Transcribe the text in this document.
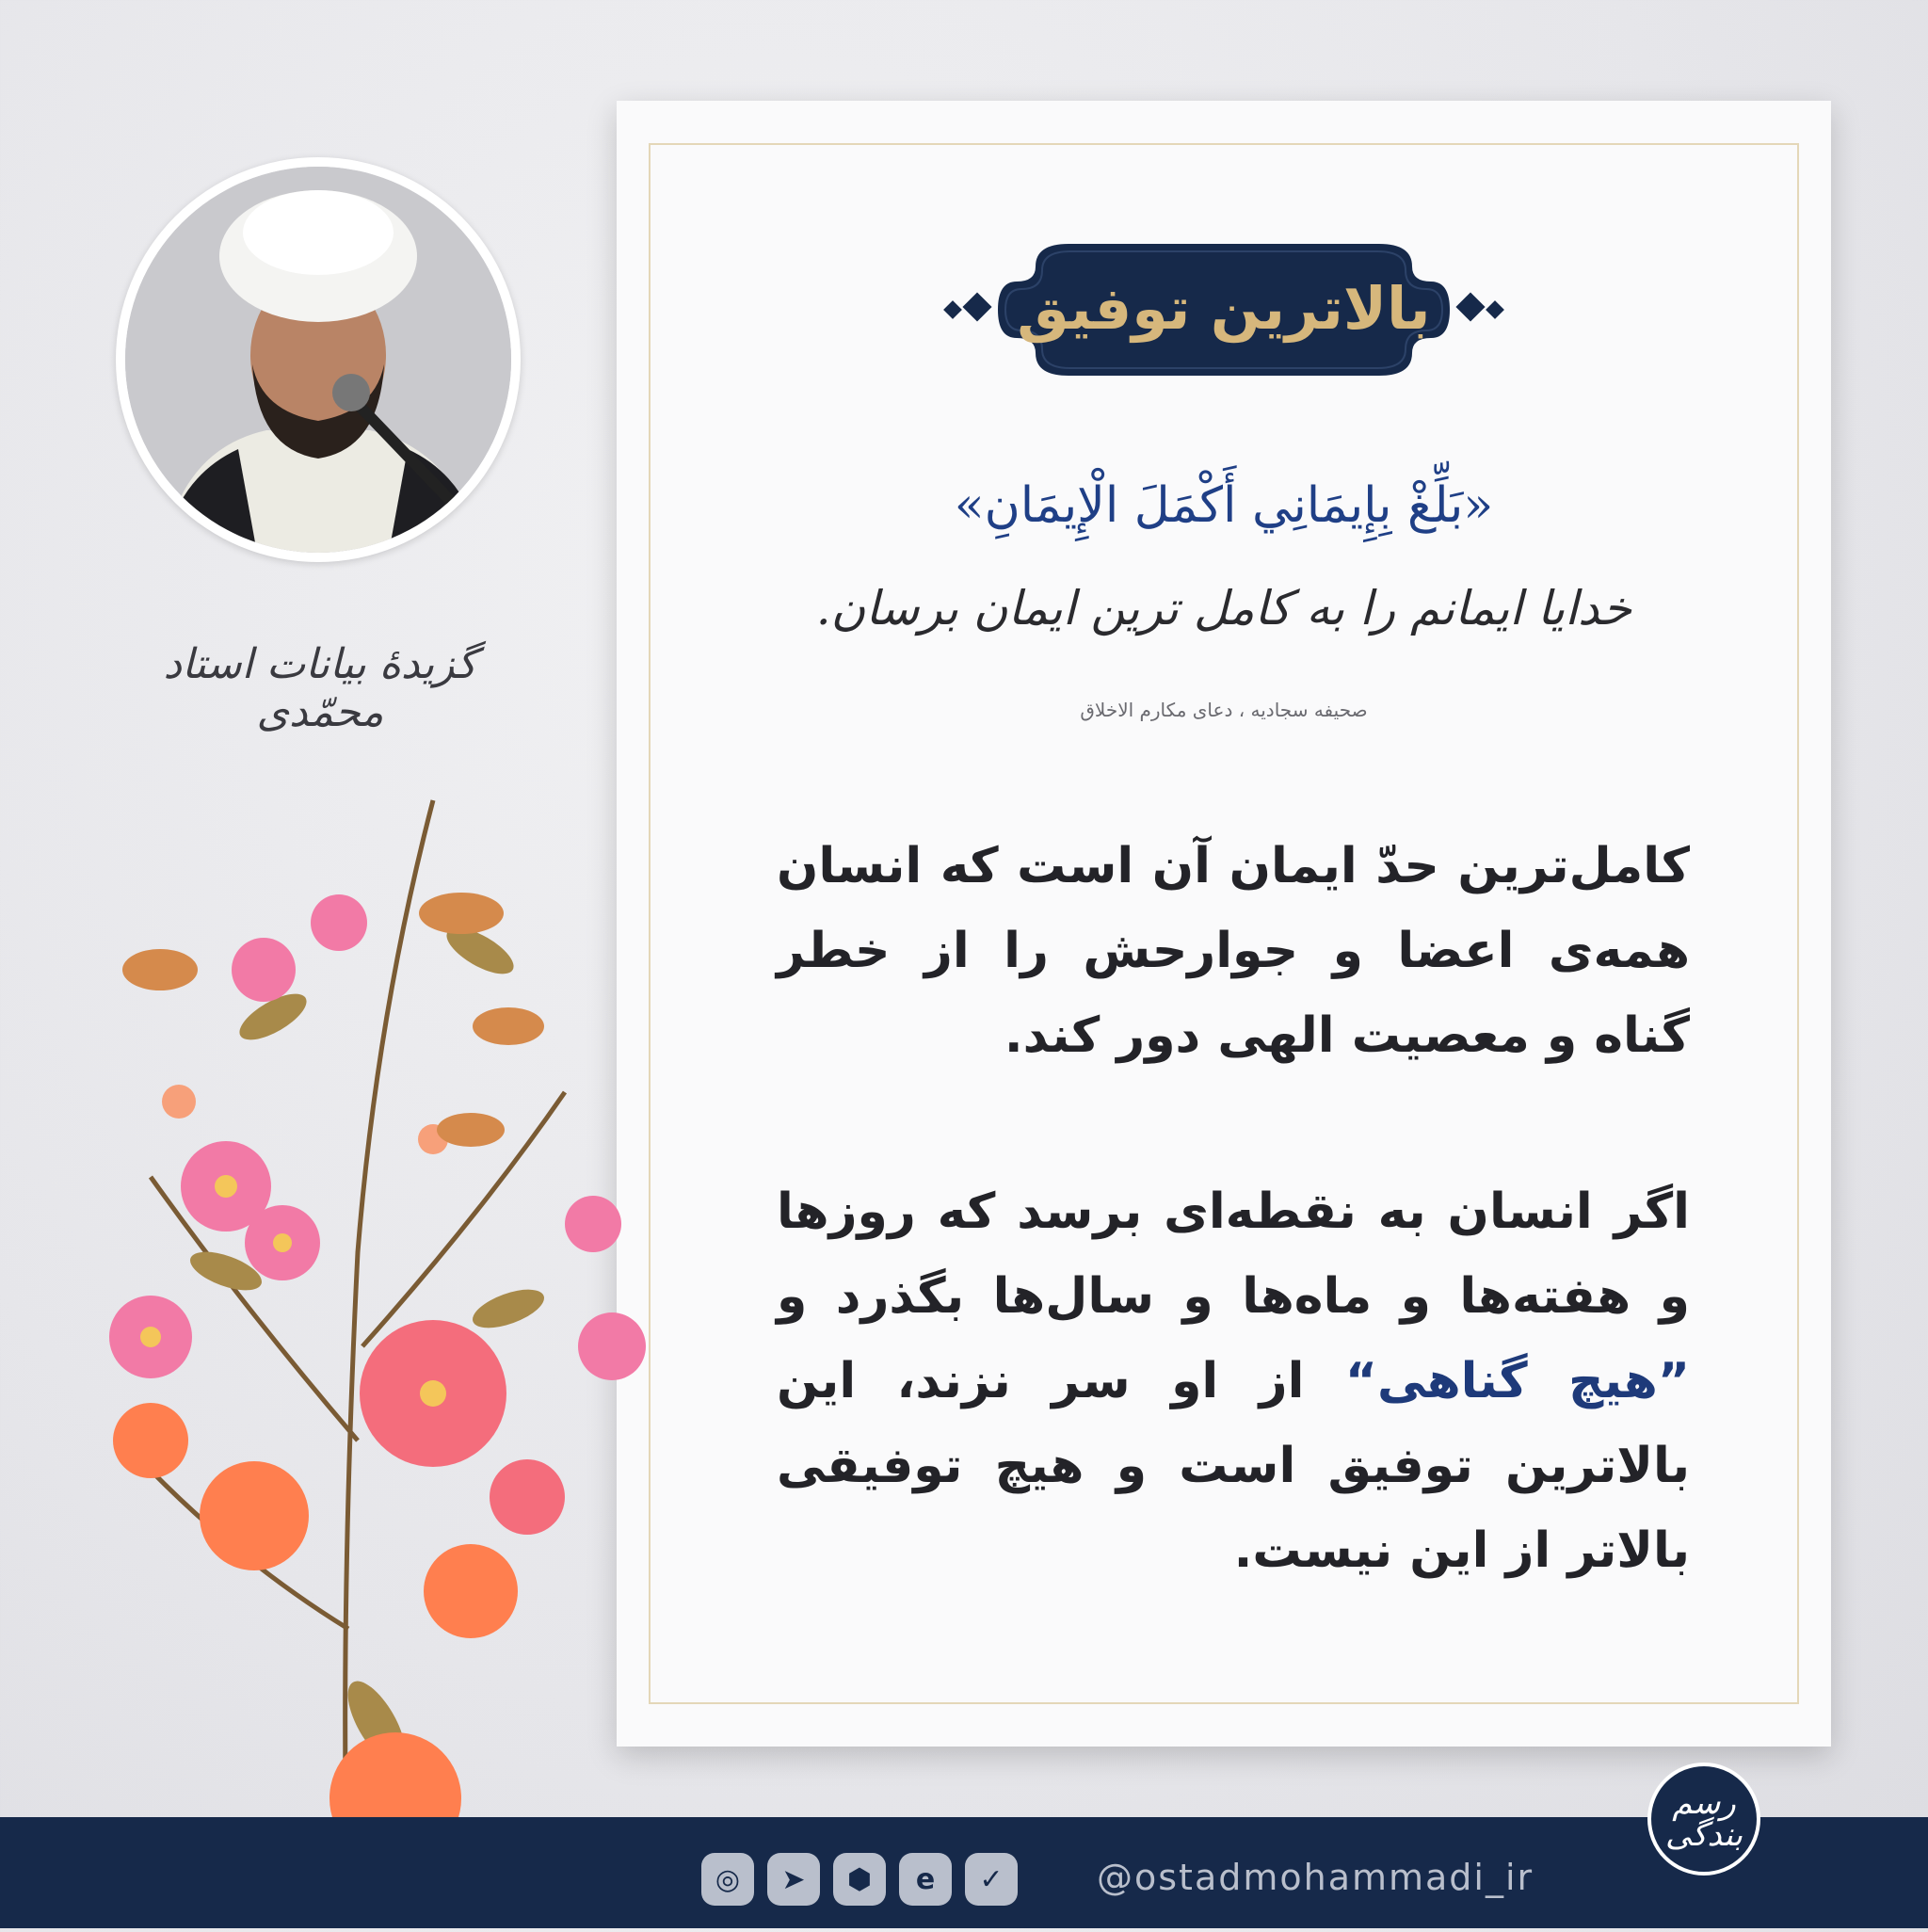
بالاترین توفیق
«بَلِّغْ بِإِيمَانِي أَكْمَلَ الْإِيمَانِ»
خدایا ایمانم را به کامل ترین ایمان برسان.
صحیفه سجادیه ، دعای مکارم الاخلاق
کامل‌ترین حدّ ایمان آن است که انسان همه‌ی اعضا و جوارحش را از خطر گناه و معصیت الهی دور کند.
اگر انسان به نقطه‌ای برسد که روزها و هفته‌ها و ماه‌ها و سال‌ها بگذرد و ”هیچ گناهی“ از او سر نزند، این بالاترین توفیق است و هیچ توفیقی بالاتر از این نیست.
گزیدهٔ بیانات استاد محمّدی
◎	➤	⬢	e	✓	@ostadmohammadi_ir
رسم بندگی
